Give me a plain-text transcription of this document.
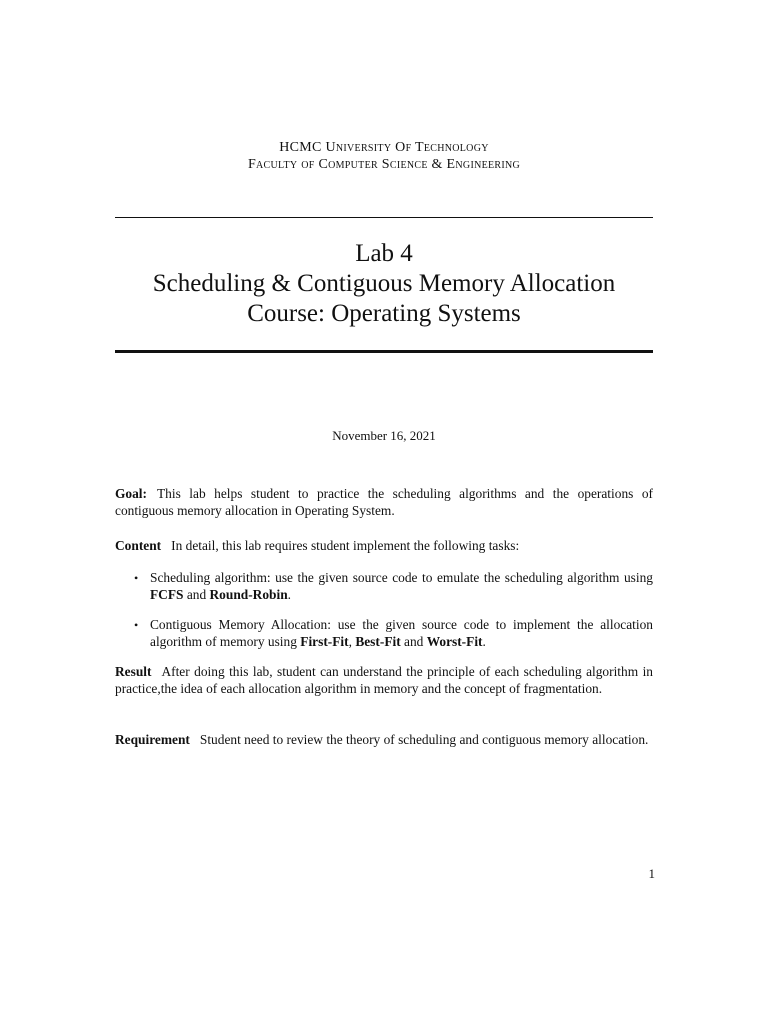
HCMC University Of Technology
Faculty of Computer Science & Engineering
Lab 4
Scheduling & Contiguous Memory Allocation
Course: Operating Systems
November 16, 2021
Goal: This lab helps student to practice the scheduling algorithms and the operations of contiguous memory allocation in Operating System.
Content In detail, this lab requires student implement the following tasks:
• Scheduling algorithm: use the given source code to emulate the scheduling algorithm using FCFS and Round-Robin.
• Contiguous Memory Allocation: use the given source code to implement the allocation algorithm of memory using First-Fit, Best-Fit and Worst-Fit.
Result After doing this lab, student can understand the principle of each scheduling algorithm in practice,the idea of each allocation algorithm in memory and the concept of fragmentation.
Requirement Student need to review the theory of scheduling and contiguous memory allocation.
1
